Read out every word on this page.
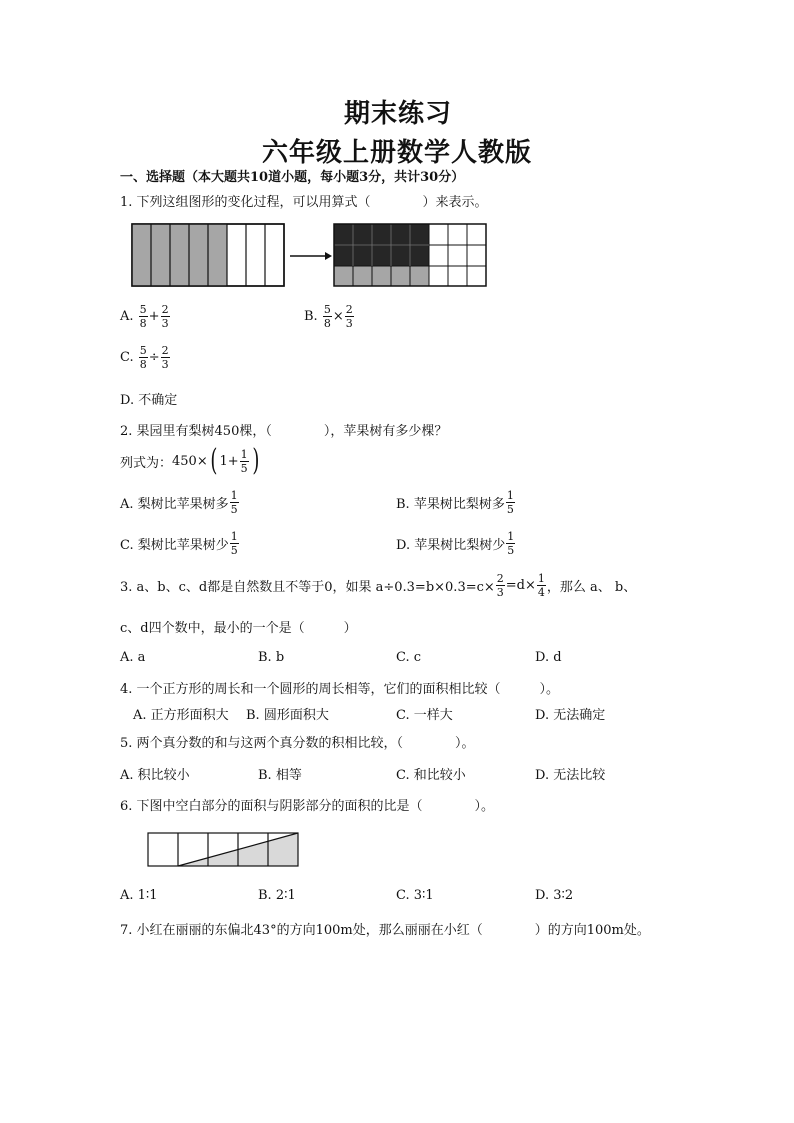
期末练习
六年级上册数学人教版
一、选择题（本大题共10道小题，每小题3分，共计30分）
1. 下列这组图形的变化过程，可以用算式（　　　　）来表示。
A.
$\frac{5}{8} + \frac{2}{3}$	B.
$\frac{5}{8} \times \frac{2}{3}$
C.
$\frac{5}{8} \div \frac{2}{3}$
D. 不确定
2. 果园里有梨树450棵，（　　　　），苹果树有多少棵？
列式为： 450× ( $1+ \frac{1}{5}$ )
A. 梨树比苹果树多 $\frac{1}{5}$	B. 苹果树比梨树多 $\frac{1}{5}$
C. 梨树比苹果树少 $\frac{1}{5}$	D. 苹果树比梨树少 $\frac{1}{5}$
3. a、b、c、d都是自然数且不等于0，如果 $a\div 0.3=b\times 0.3=c\times \frac{2}{3} =d\times \frac{1}{4}$ ，那么 a、 b、
c、d四个数中，最小的一个是（　　　）
A. a	B. b	C. c	D. d
4. 一个正方形的周长和一个圆形的周长相等，它们的面积相比较（　　　）。
A. 正方形面积大 B. 圆形面积大	C. 一样大	D. 无法确定
5. 两个真分数的和与这两个真分数的积相比较，（　　　　）。
A. 积比较小	B. 相等	C. 和比较小	D. 无法比较
6. 下图中空白部分的面积与阴影部分的面积的比是（　　　　）。
A. 1∶1	B. 2∶1	C. 3∶1	D. 3∶2
7. 小红在丽丽的东偏北43°的方向100m处，那么丽丽在小红（　　　　）的方向100m处。
